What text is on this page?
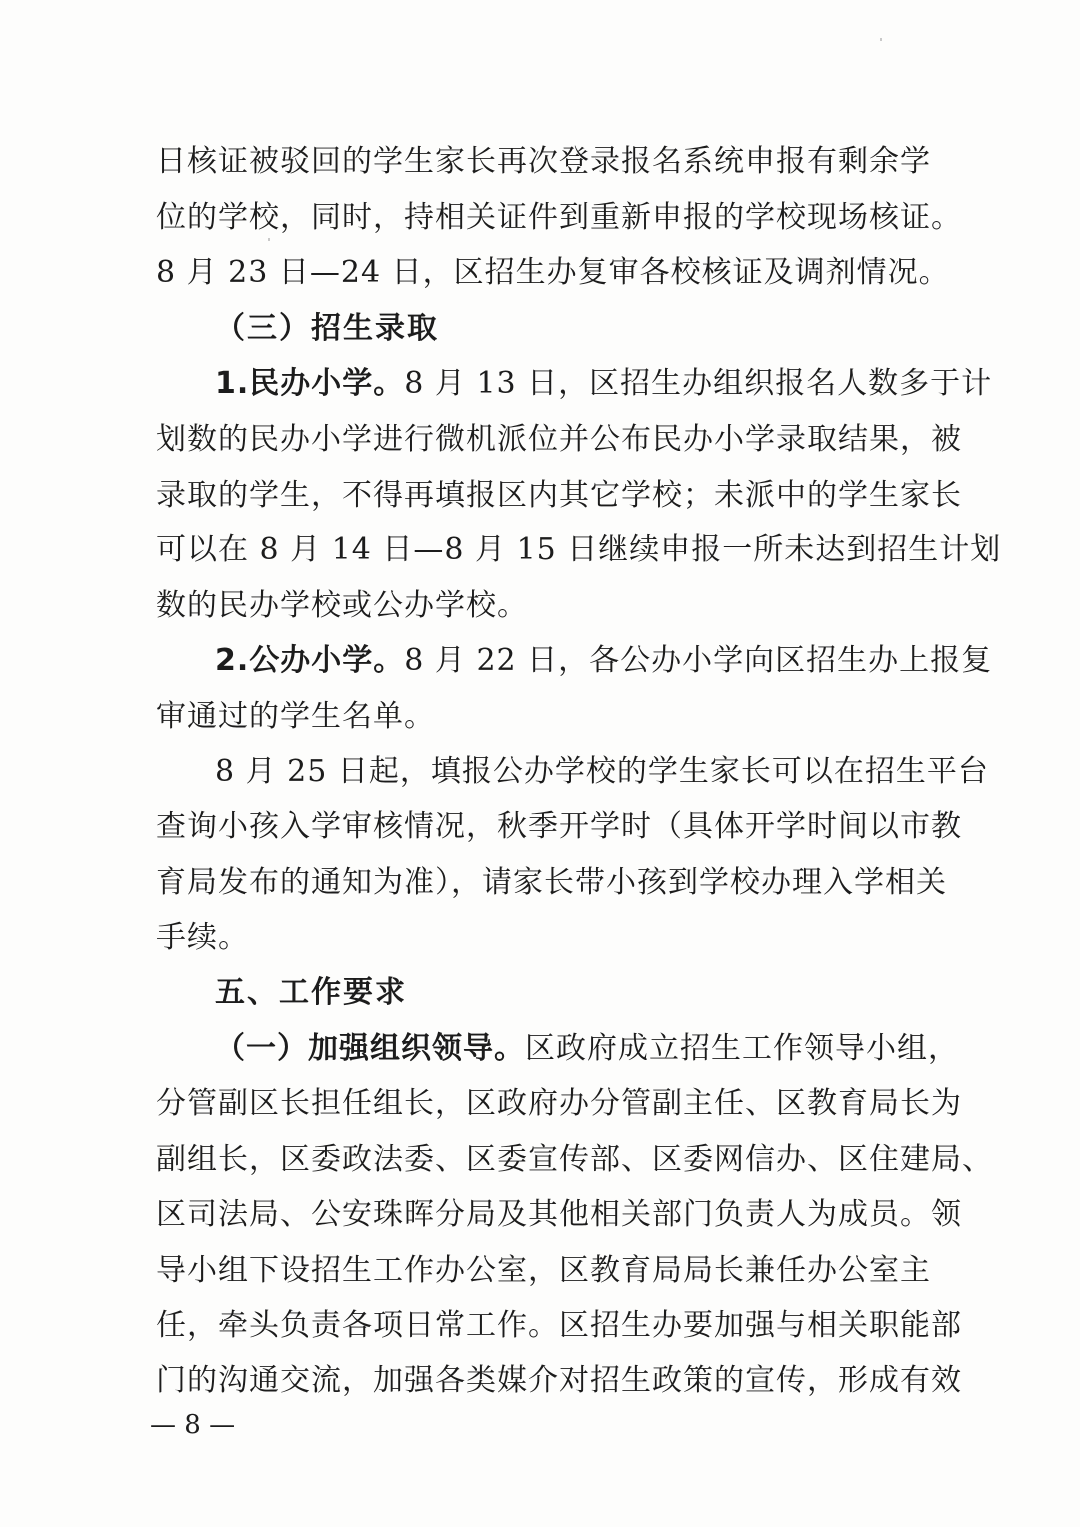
日核证被驳回的学生家长再次登录报名系统申报有剩余学
位的学校，同时，持相关证件到重新申报的学校现场核证。
8 月 23 日—24 日，区招生办复审各校核证及调剂情况。
（三）招生录取
1.民办小学。8 月 13 日，区招生办组织报名人数多于计
划数的民办小学进行微机派位并公布民办小学录取结果，被
录取的学生，不得再填报区内其它学校；未派中的学生家长
可以在 8 月 14 日—8 月 15 日继续申报一所未达到招生计划
数的民办学校或公办学校。
2.公办小学。8 月 22 日，各公办小学向区招生办上报复
审通过的学生名单。
8 月 25 日起，填报公办学校的学生家长可以在招生平台
查询小孩入学审核情况，秋季开学时（具体开学时间以市教
育局发布的通知为准），请家长带小孩到学校办理入学相关
手续。
五、工作要求
（一）加强组织领导。区政府成立招生工作领导小组，
分管副区长担任组长，区政府办分管副主任、区教育局长为
副组长，区委政法委、区委宣传部、区委网信办、区住建局、
区司法局、公安珠晖分局及其他相关部门负责人为成员。领
导小组下设招生工作办公室，区教育局局长兼任办公室主
任，牵头负责各项日常工作。区招生办要加强与相关职能部
门的沟通交流，加强各类媒介对招生政策的宣传，形成有效
— 8 —
